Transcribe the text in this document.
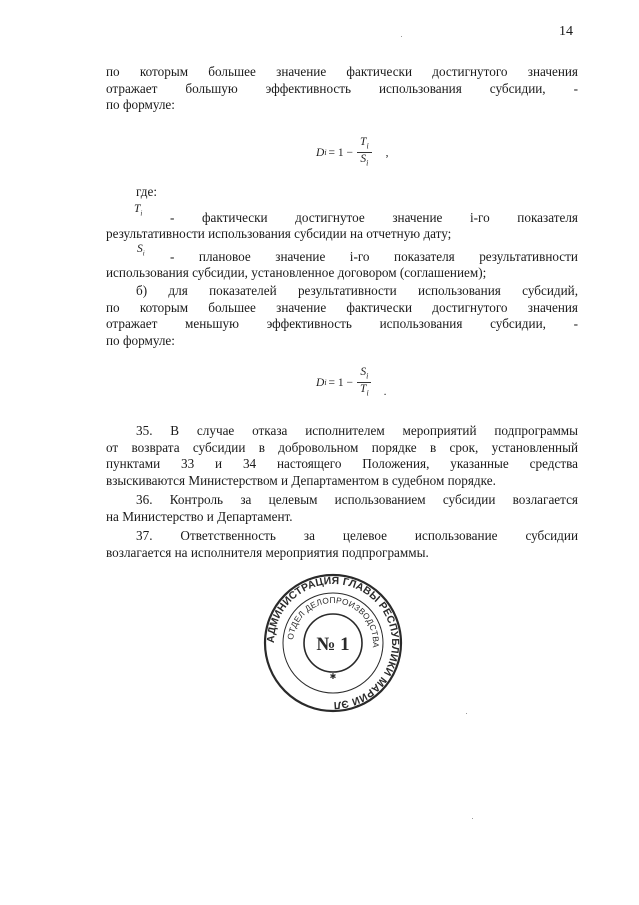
14
по которым большее значение фактически достигнутого значения
отражает большую эффективность использования субсидии, -
по формуле:
D $i = 1 - \frac{T_i}{S_i}$ ,
где:
$T_i$ - фактически достигнутое значение i-го показателя
результативности использования субсидии на отчетную дату;
$S_i$ - плановое значение i-го показателя результативности
использования субсидии, установленное договором (соглашением);
б) для показателей результативности использования субсидий,
по которым большее значение фактически достигнутого значения
отражает меньшую эффективность использования субсидии, -
по формуле:
D $i = 1 - \frac{S_i}{T_i}$ .
35. В случае отказа исполнителем мероприятий подпрограммы
от возврата субсидии в добровольном порядке в срок, установленный
пунктами 33 и 34 настоящего Положения, указанные средства
взыскиваются Министерством и Департаментом в судебном порядке.
36. Контроль за целевым использованием субсидии возлагается
на Министерство и Департамент.
37. Ответственность за целевое использование субсидии
возлагается на исполнителя мероприятия подпрограммы.
АДМИНИСТРАЦИЯ ГЛАВЫ РЕСПУБЛИКИ МАРИЙ ЭЛ
ОТДЕЛ ДЕЛОПРОИЗВОДСТВА
№ 1
✱
